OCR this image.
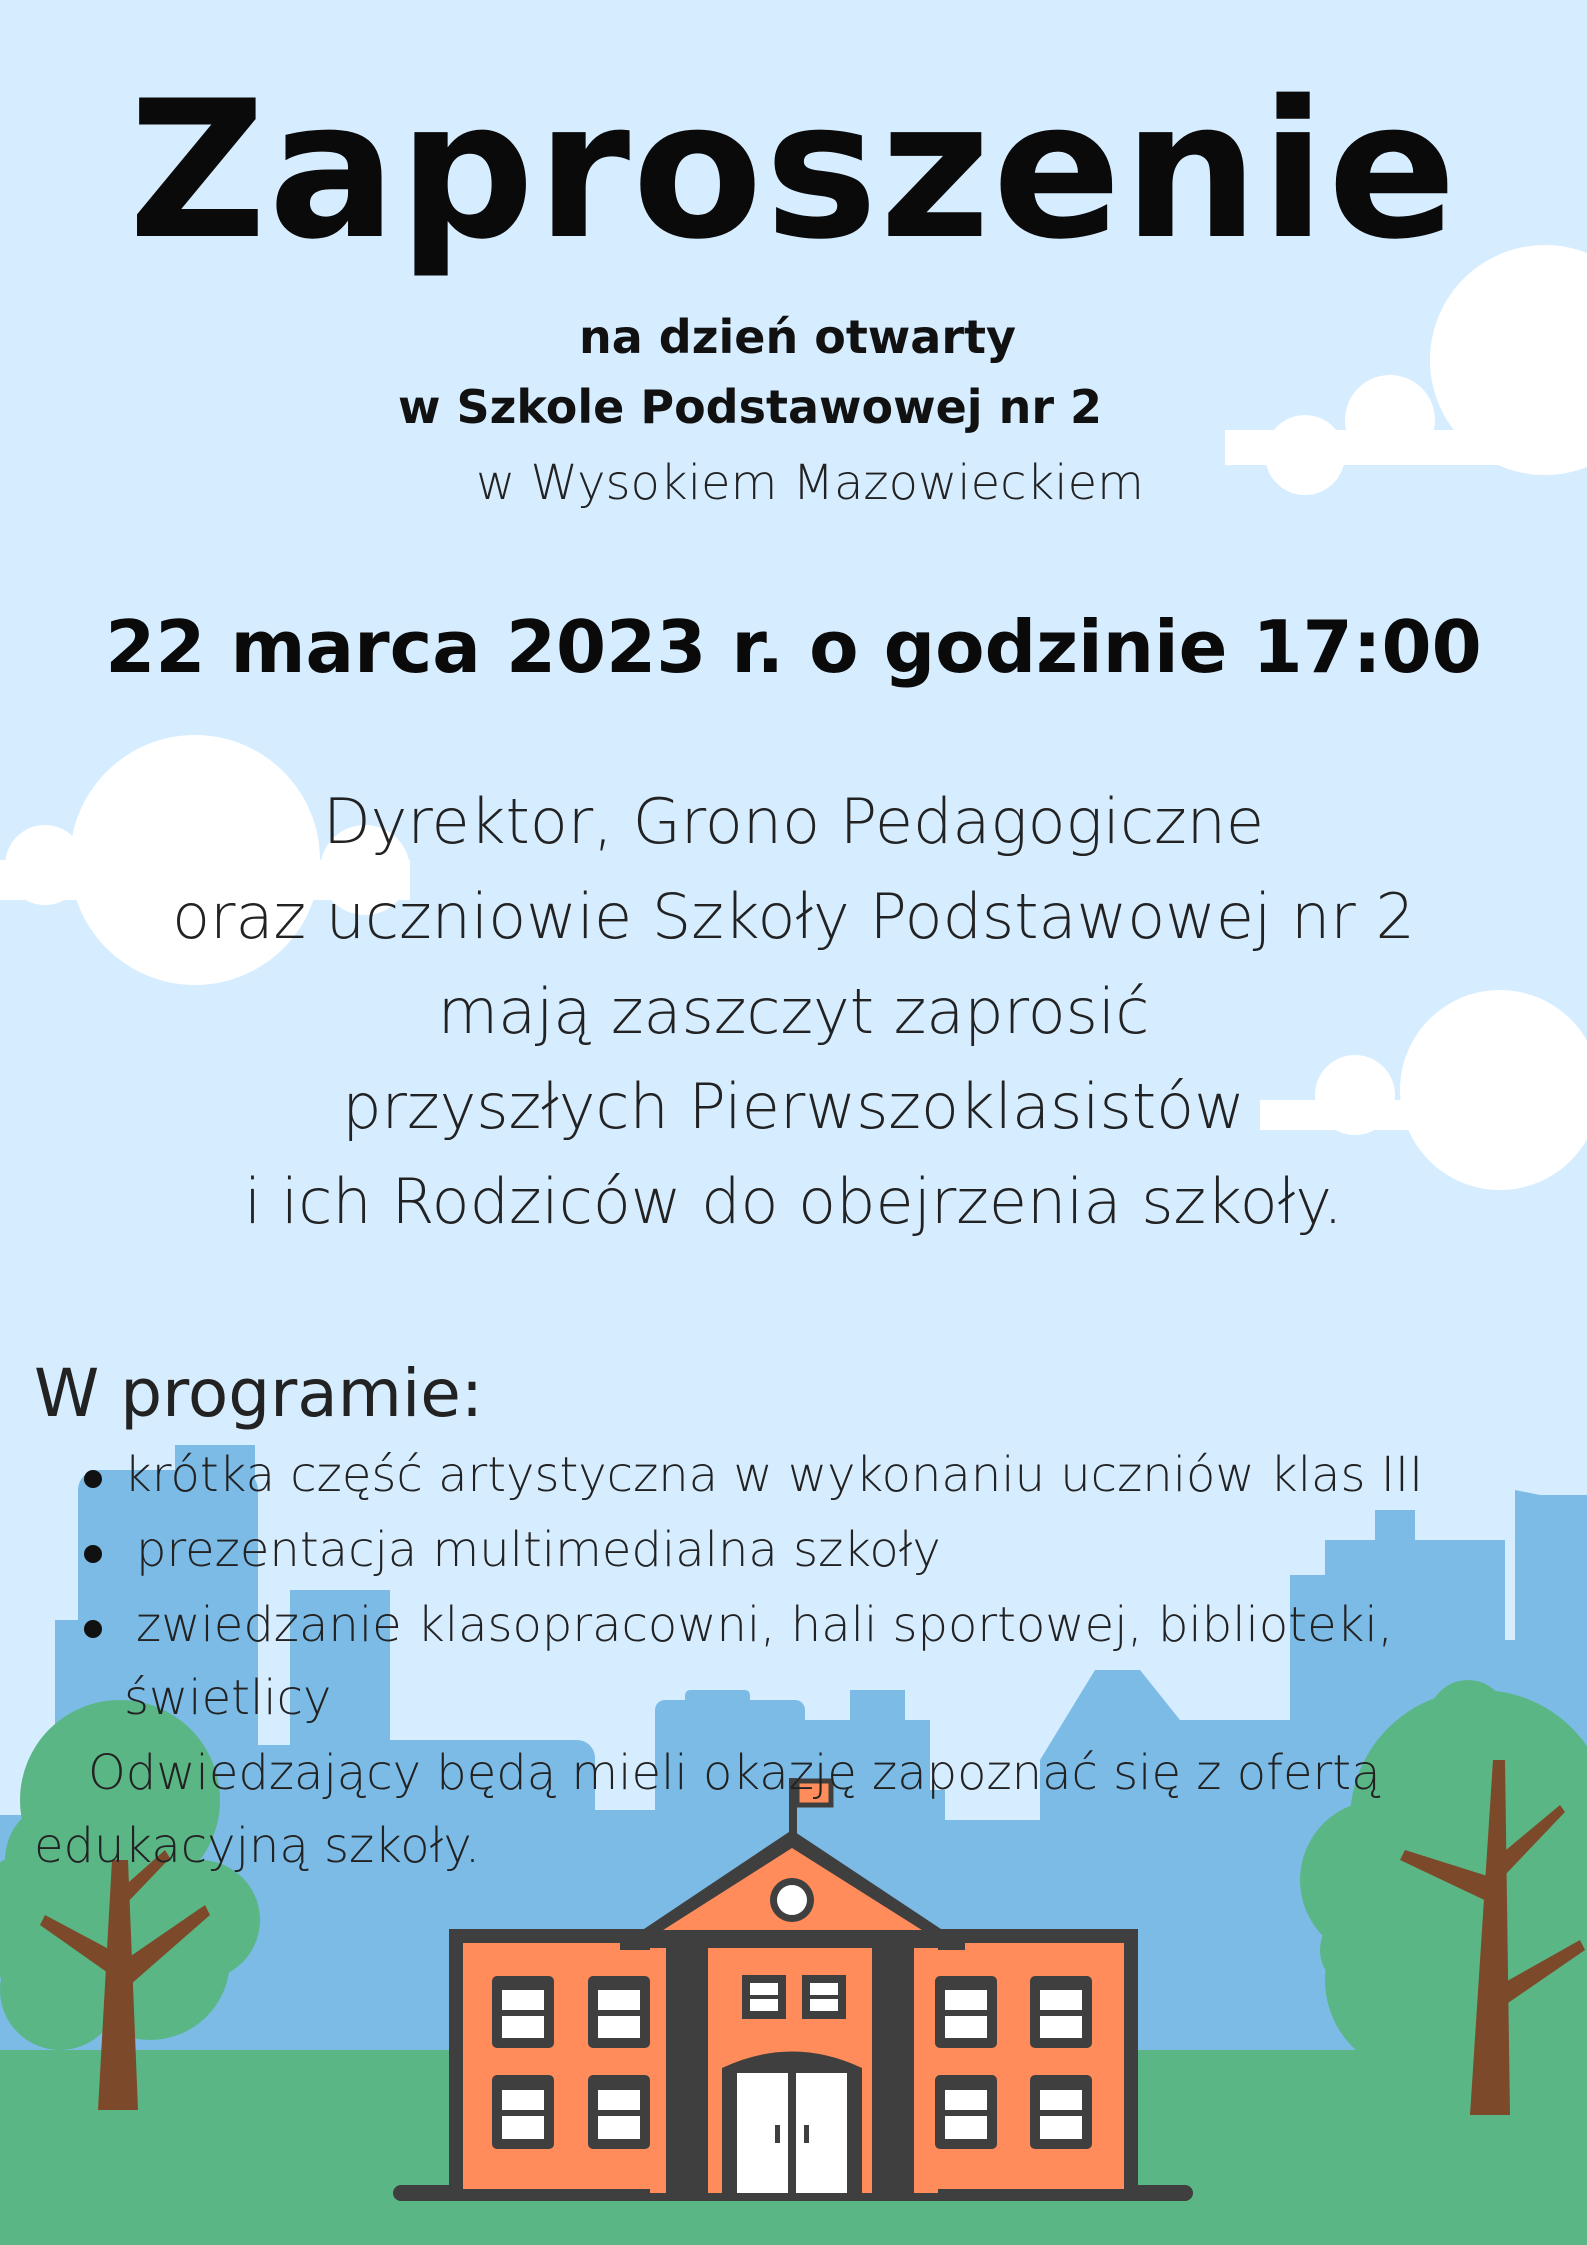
Zaproszenie
na dzień otwarty
w Szkole Podstawowej nr 2
w Wysokiem Mazowieckiem
22 marca 2023 r. o godzinie 17:00
Dyrektor, Grono Pedagogiczne
oraz uczniowie Szkoły Podstawowej nr 2
mają zaszczyt zaprosić
przyszłych Pierwszoklasistów
i ich Rodziców do obejrzenia szkoły.
W programie:
krótka część artystyczna w wykonaniu uczniów klas III
prezentacja multimedialna szkoły
zwiedzanie klasopracowni, hali sportowej, biblioteki,
świetlicy
Odwiedzający będą mieli okazję zapoznać się z ofertą
edukacyjną szkoły.
